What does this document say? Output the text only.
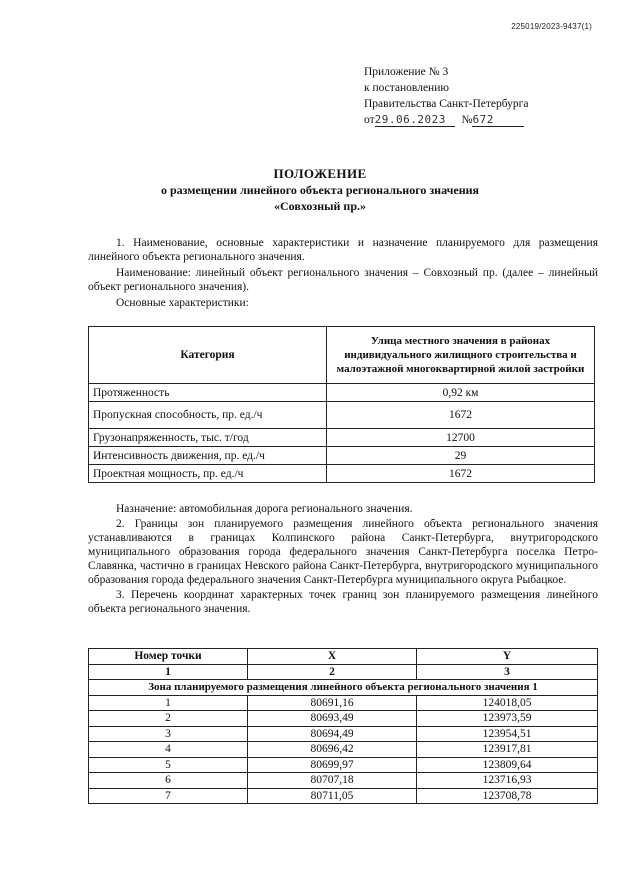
225019/2023-9437(1)
Приложение № 3
к постановлению
Правительства Санкт-Петербурга
от29.06.2023 №672
ПОЛОЖЕНИЕ
о размещении линейного объекта регионального значения
«Совхозный пр.»
1. Наименование, основные характеристики и назначение планируемого для размещения линейного объекта регионального значения.
Наименование: линейный объект регионального значения – Совхозный пр. (далее – линейный объект регионального значения).
Основные характеристики:
Категория	Улица местного значения в районах индивидуального жилищного строительства и малоэтажной многоквартирной жилой застройки
Протяженность	0,92 км
Пропускная способность, пр. ед./ч	1672
Грузонапряженность, тыс. т/год	12700
Интенсивность движения, пр. ед./ч	29
Проектная мощность, пр. ед./ч	1672
Назначение: автомобильная дорога регионального значения.
2. Границы зон планируемого размещения линейного объекта регионального значения устанавливаются в границах Колпинского района Санкт-Петербурга, внутригородского муниципального образования города федерального значения Санкт-Петербурга поселка Петро-Славянка, частично в границах Невского района Санкт-Петербурга, внутригородского муниципального образования города федерального значения Санкт-Петербурга муниципального округа Рыбацкое.
3. Перечень координат характерных точек границ зон планируемого размещения линейного объекта регионального значения.
Номер точки	X	Y
1	2	3
Зона планируемого размещения линейного объекта регионального значения 1		
1	80691,16	124018,05
2	80693,49	123973,59
3	80694,49	123954,51
4	80696,42	123917,81
5	80699,97	123809,64
6	80707,18	123716,93
7	80711,05	123708,78
